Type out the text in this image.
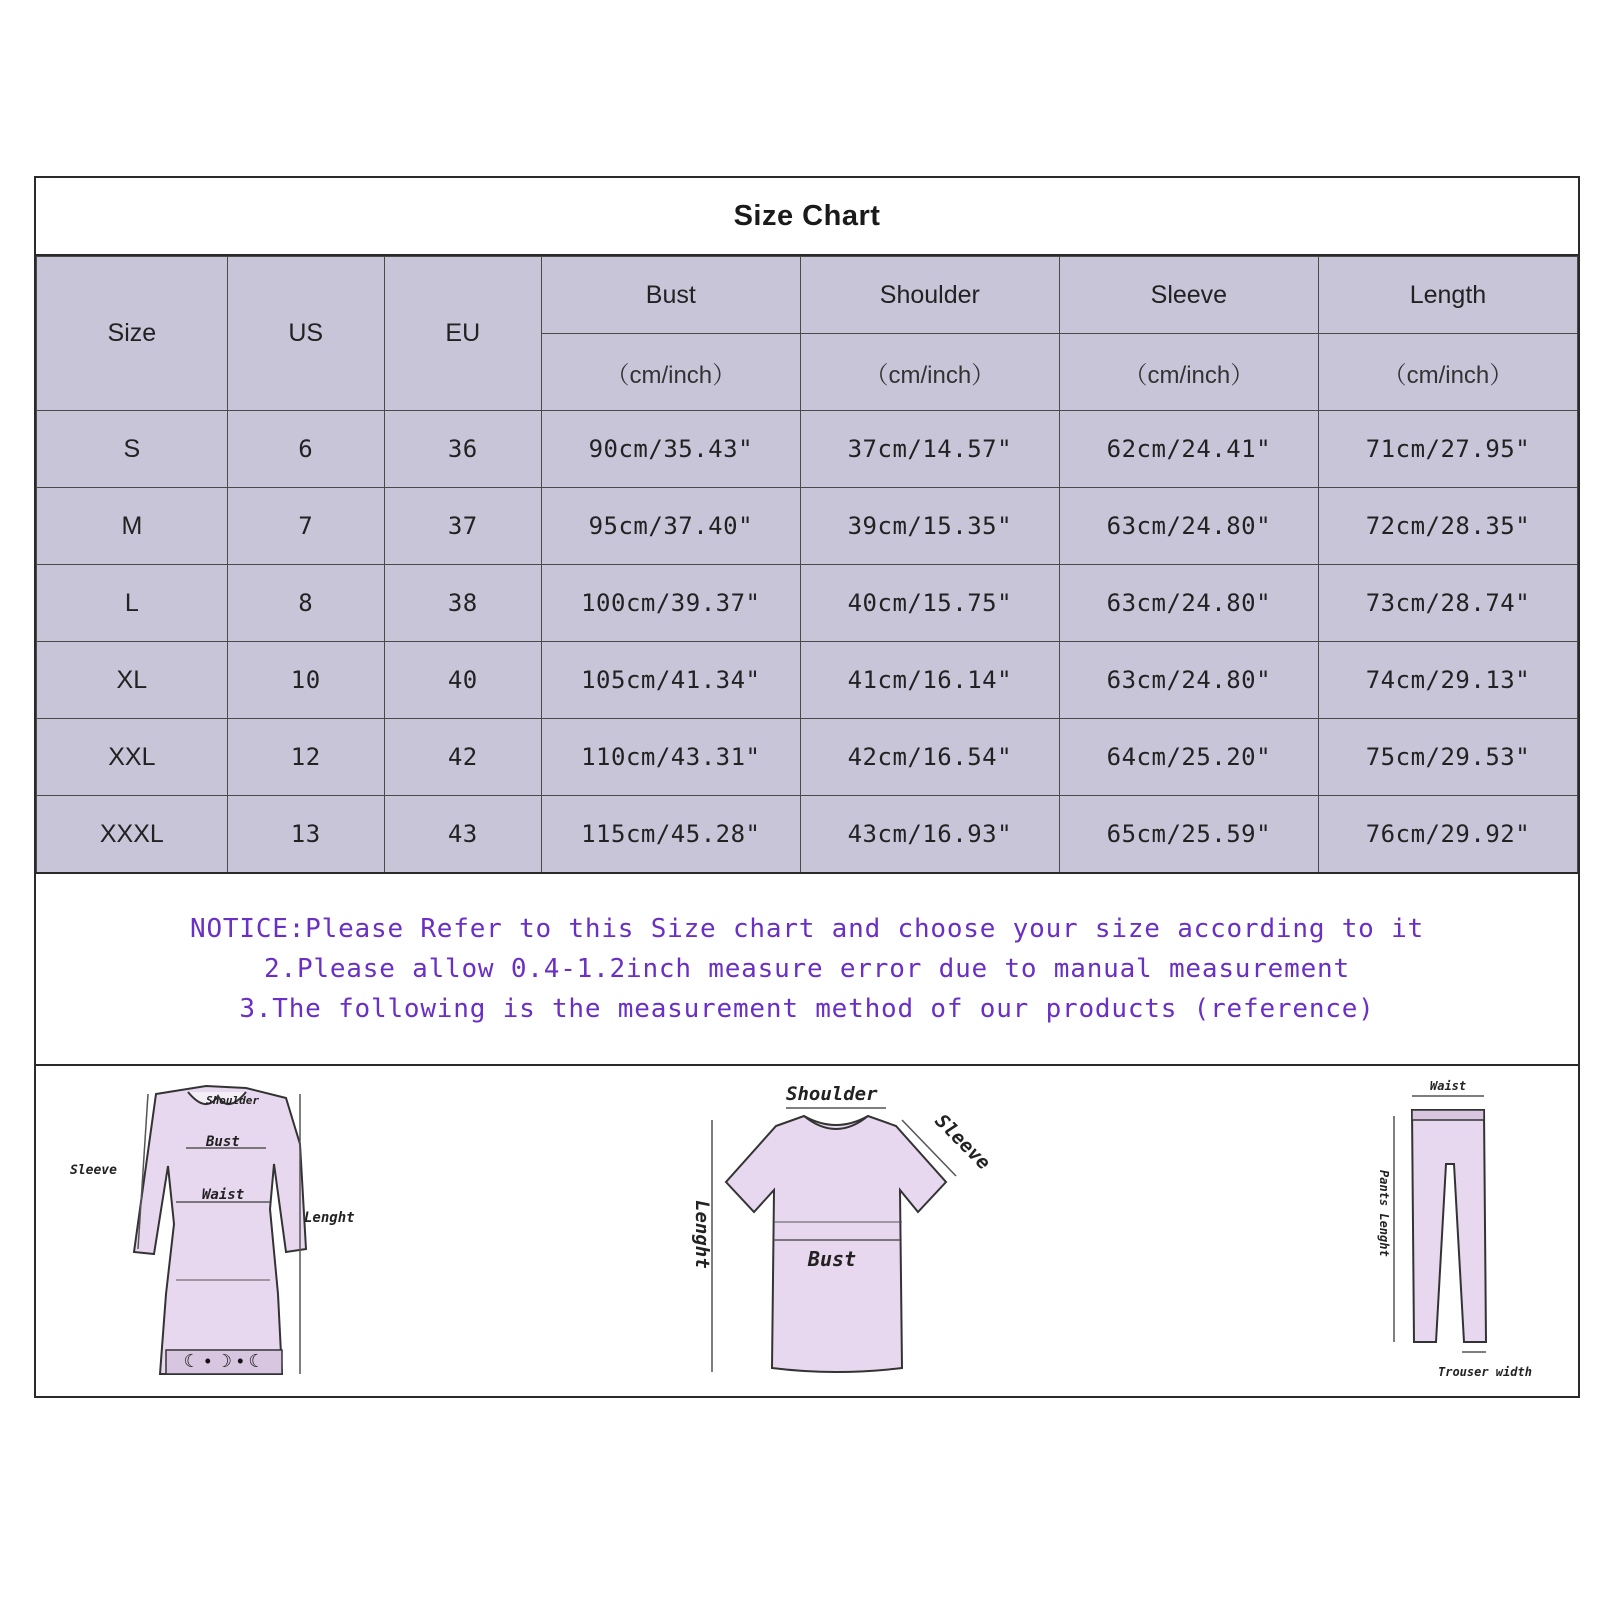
Size Chart
Size	US	EU	Bust	Shoulder	Sleeve	Length
			（cm/inch）	（cm/inch）	（cm/inch）	（cm/inch）
S	6	36	90cm/35.43"	37cm/14.57"	62cm/24.41"	71cm/27.95"
M	7	37	95cm/37.40"	39cm/15.35"	63cm/24.80"	72cm/28.35"
L	8	38	100cm/39.37"	40cm/15.75"	63cm/24.80"	73cm/28.74"
XL	10	40	105cm/41.34"	41cm/16.14"	63cm/24.80"	74cm/29.13"
XXL	12	42	110cm/43.31"	42cm/16.54"	64cm/25.20"	75cm/29.53"
XXXL	13	43	115cm/45.28"	43cm/16.93"	65cm/25.59"	76cm/29.92"
NOTICE:Please Refer to this Size chart and choose your size according to it
2.Please allow 0.4-1.2inch measure error due to manual measurement
3.The following is the measurement method of our products (reference)
☾ • ☽ • ☾
Shoulder
Bust
Waist
Sleeve
Lenght
Shoulder
Bust
Sleeve
Lenght
Waist
Pants Lenght
Trouser width
